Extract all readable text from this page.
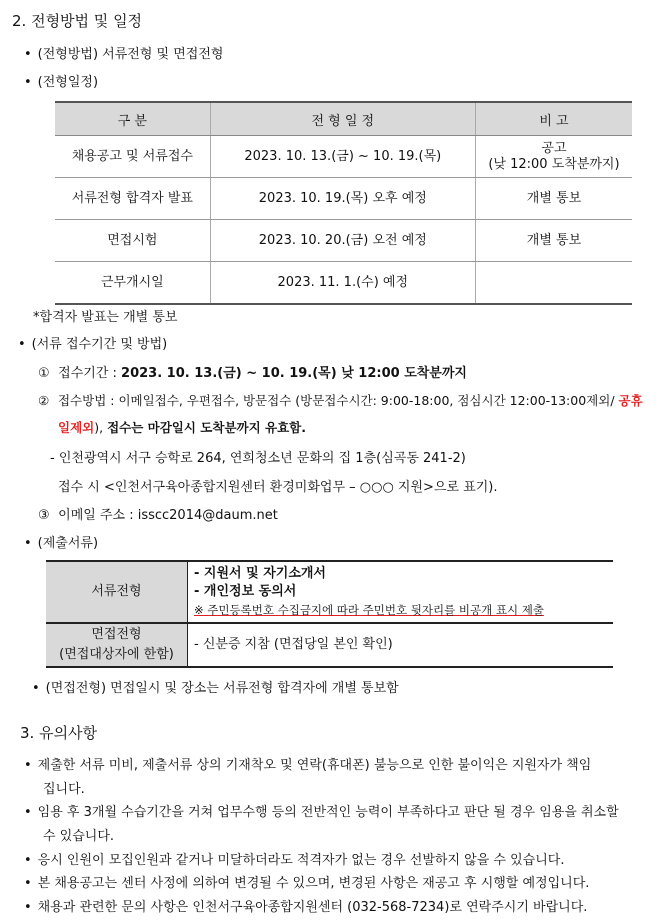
2. 전형방법 및 일정
• (전형방법) 서류전형 및 면접전형
• (전형일정)
구 분	전 형 일 정	비 고
채용공고 및 서류접수	2023. 10. 13.(금) ~ 10. 19.(목)	공고
(낮 12:00 도착분까지)

서류전형 합격자 발표	2023. 10. 19.(목) 오후 예정	개별 통보
면접시험	2023. 10. 20.(금) 오전 예정	개별 통보
근무개시일	2023. 11. 1.(수) 예정	
*합격자 발표는 개별 통보
• (서류 접수기간 및 방법)
① 접수기간 : 2023. 10. 13.(금) ~ 10. 19.(목) 낮 12:00 도착분까지
② 접수방법 : 이메일접수, 우편접수, 방문접수 (방문접수시간: 9:00-18:00, 점심시간 12:00-13:00제외/ 공휴
일제외), 접수는 마감일시 도착분까지 유효함.
- 인천광역시 서구 승학로 264, 연희청소년 문화의 집 1층(심곡동 241-2)
접수 시 <인천서구육아종합지원센터 환경미화업무 – ○○○ 지원>으로 표기).
③ 이메일 주소 : isscc2014@daum.net
• (제출서류)
서류전형	- 지원서 및 자기소개서
- 개인정보 동의서
※ 주민등록번호 수집금지에 따라 주민번호 뒷자리를 비공개 표시 제출

면접전형
(면접대상자에 한함)	- 신분증 지참 (면접당일 본인 확인)
• (면접전형) 면접일시 및 장소는 서류전형 합격자에 개별 통보함
3. 유의사항
• 제출한 서류 미비, 제출서류 상의 기재착오 및 연락(휴대폰) 불능으로 인한 불이익은 지원자가 책임
집니다.
• 임용 후 3개월 수습기간을 거쳐 업무수행 등의 전반적인 능력이 부족하다고 판단 될 경우 임용을 취소할
수 있습니다.
• 응시 인원이 모집인원과 같거나 미달하더라도 적격자가 없는 경우 선발하지 않을 수 있습니다.
• 본 채용공고는 센터 사정에 의하여 변경될 수 있으며, 변경된 사항은 재공고 후 시행할 예정입니다.
• 채용과 관련한 문의 사항은 인천서구육아종합지원센터 (032-568-7234)로 연락주시기 바랍니다.
